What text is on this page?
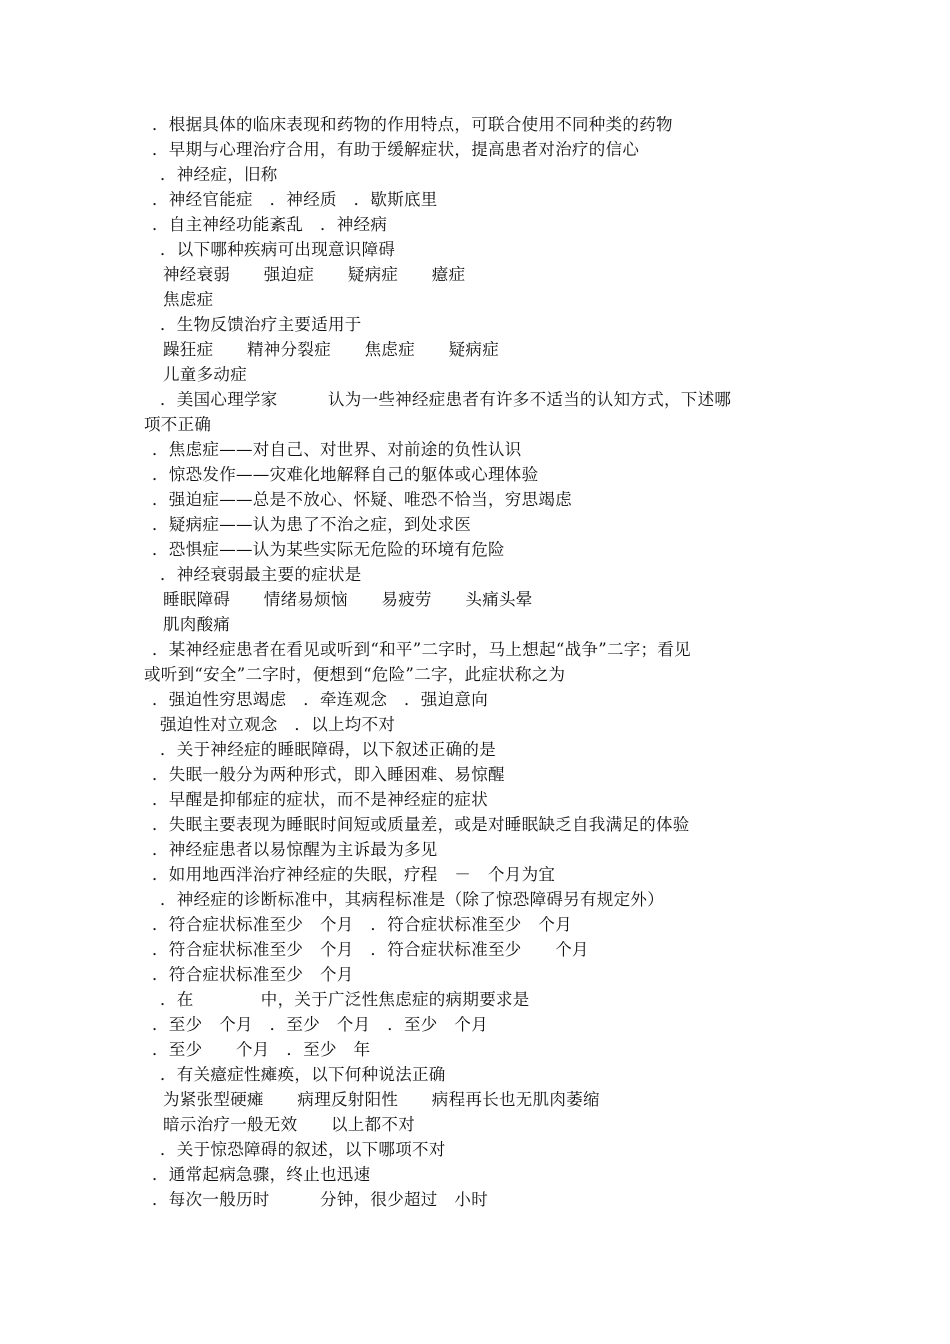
．根据具体的临床表现和药物的作用特点，可联合使用不同种类的药物
．早期与心理治疗合用，有助于缓解症状，提高患者对治疗的信心
．神经症，旧称
．神经官能症　．神经质　．歇斯底里
．自主神经功能紊乱　．神经病
．以下哪种疾病可出现意识障碍
神经衰弱　　强迫症　　疑病症　　癔症
焦虑症
．生物反馈治疗主要适用于
躁狂症　　精神分裂症　　焦虑症　　疑病症
儿童多动症
．美国心理学家　　　认为一些神经症患者有许多不适当的认知方式，下述哪
项不正确
．焦虑症——对自己、对世界、对前途的负性认识
．惊恐发作——灾难化地解释自己的躯体或心理体验
．强迫症——总是不放心、怀疑、唯恐不恰当，穷思竭虑
．疑病症——认为患了不治之症，到处求医
．恐惧症——认为某些实际无危险的环境有危险
．神经衰弱最主要的症状是
睡眠障碍　　情绪易烦恼　　易疲劳　　头痛头晕
肌肉酸痛
．某神经症患者在看见或听到“和平”二字时，马上想起“战争”二字；看见
或听到“安全”二字时，便想到“危险”二字，此症状称之为
．强迫性穷思竭虑　．牵连观念　．强迫意向
强迫性对立观念　．以上均不对
．关于神经症的睡眠障碍，以下叙述正确的是
．失眠一般分为两种形式，即入睡困难、易惊醒
．早醒是抑郁症的症状，而不是神经症的症状
．失眠主要表现为睡眠时间短或质量差，或是对睡眠缺乏自我满足的体验
．神经症患者以易惊醒为主诉最为多见
．如用地西泮治疗神经症的失眠，疗程　－　个月为宜
．神经症的诊断标准中，其病程标准是（除了惊恐障碍另有规定外）
．符合症状标准至少　个月　．符合症状标准至少　个月
．符合症状标准至少　个月　．符合症状标准至少　　个月
．符合症状标准至少　个月
．在　　　　中，关于广泛性焦虑症的病期要求是
．至少　个月　．至少　个月　．至少　个月
．至少　　个月　．至少　年
．有关癔症性瘫痪，以下何种说法正确
为紧张型硬瘫　　病理反射阳性　　病程再长也无肌肉萎缩
暗示治疗一般无效　　以上都不对
．关于惊恐障碍的叙述，以下哪项不对
．通常起病急骤，终止也迅速
．每次一般历时　　　分钟，很少超过　小时
